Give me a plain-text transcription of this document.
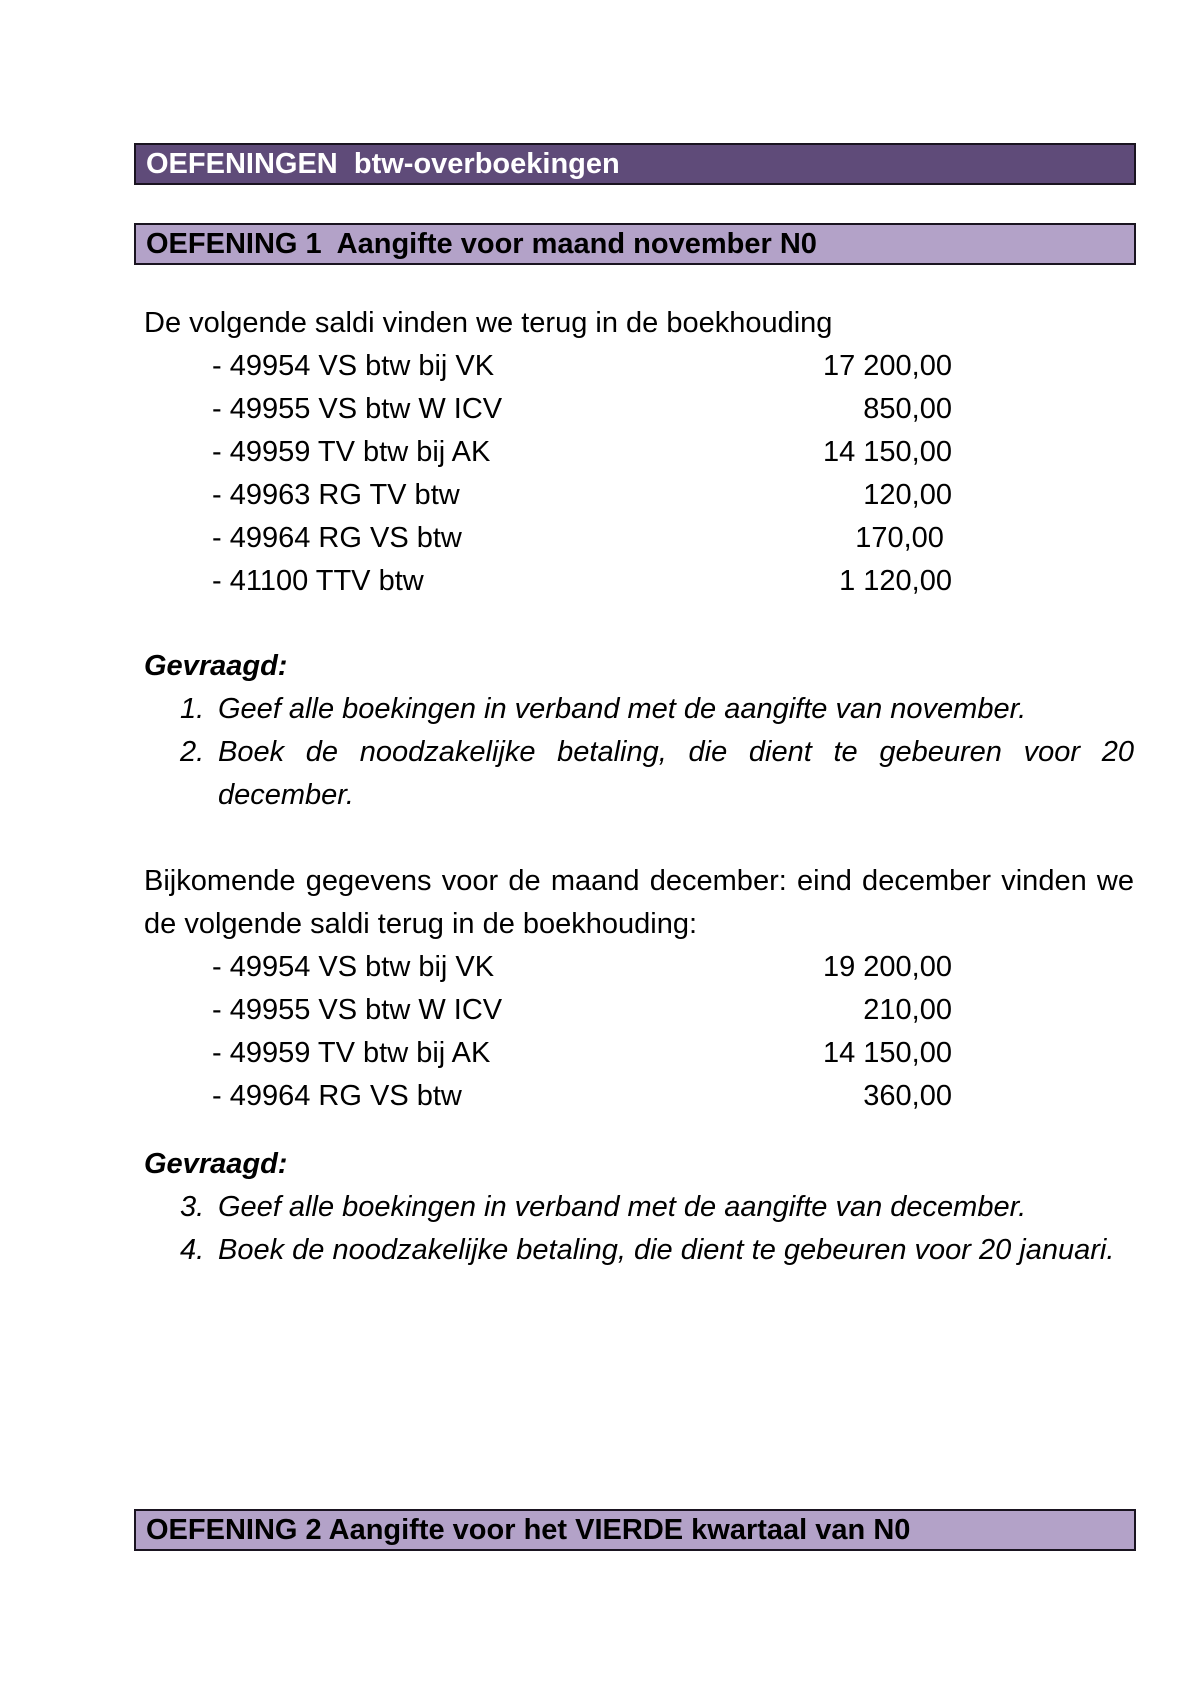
OEFENINGEN  btw-overboekingen
OEFENING 1  Aangifte voor maand november N0
De volgende saldi vinden we terug in de boekhouding
- 49954 VS btw bij VK	17 200,00
- 49955 VS btw W ICV	850,00
- 49959 TV btw bij AK	14 150,00
- 49963 RG TV btw	120,00
- 49964 RG VS btw	170,00
- 41100 TTV btw	1 120,00
Gevraagd:
1. Geef alle boekingen in verband met de aangifte van november.
2. Boek de noodzakelijke betaling, die dient te gebeuren voor 20 december.
Bijkomende gegevens voor de maand december: eind december vinden we de volgende saldi terug in de boekhouding:
- 49954 VS btw bij VK	19 200,00
- 49955 VS btw W ICV	210,00
- 49959 TV btw bij AK	14 150,00
- 49964 RG VS btw	360,00
Gevraagd:
3. Geef alle boekingen in verband met de aangifte van december.
4. Boek de noodzakelijke betaling, die dient te gebeuren voor 20 januari.
OEFENING 2 Aangifte voor het VIERDE kwartaal van N0
